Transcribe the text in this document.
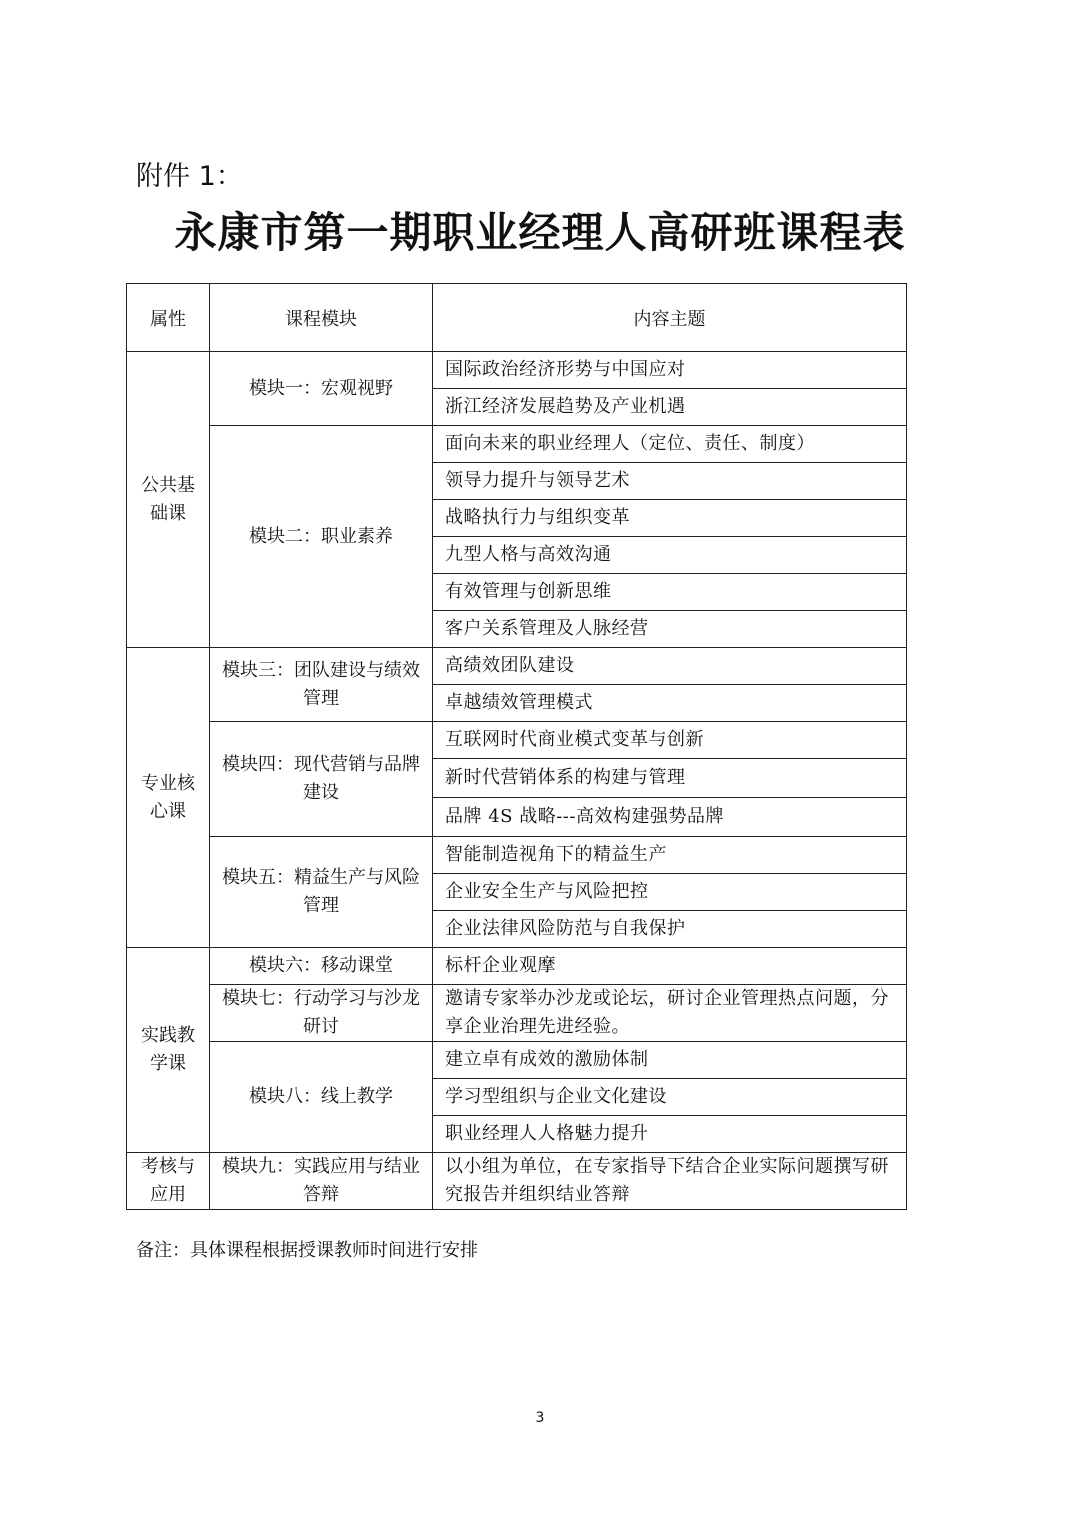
附件 1：
永康市第一期职业经理人高研班课程表
属性	课程模块	内容主题
公共基础课	模块一：宏观视野	国际政治经济形势与中国应对
		浙江经济发展趋势及产业机遇
	模块二：职业素养	面向未来的职业经理人（定位、责任、制度）
		领导力提升与领导艺术
		战略执行力与组织变革
		九型人格与高效沟通
		有效管理与创新思维
		客户关系管理及人脉经营
专业核心课	模块三：团队建设与绩效管理	高绩效团队建设
		卓越绩效管理模式
	模块四：现代营销与品牌建设	互联网时代商业模式变革与创新
		新时代营销体系的构建与管理
		品牌 4S 战略---高效构建强势品牌
	模块五：精益生产与风险管理	智能制造视角下的精益生产
		企业安全生产与风险把控
		企业法律风险防范与自我保护
实践教学课	模块六：移动课堂	标杆企业观摩
	模块七：行动学习与沙龙研讨	邀请专家举办沙龙或论坛，研讨企业管理热点问题，分享企业治理先进经验。
	模块八：线上教学	建立卓有成效的激励体制
		学习型组织与企业文化建设
		职业经理人人格魅力提升
考核与应用	模块九：实践应用与结业答辩	以小组为单位，在专家指导下结合企业实际问题撰写研究报告并组织结业答辩
备注：具体课程根据授课教师时间进行安排
3
